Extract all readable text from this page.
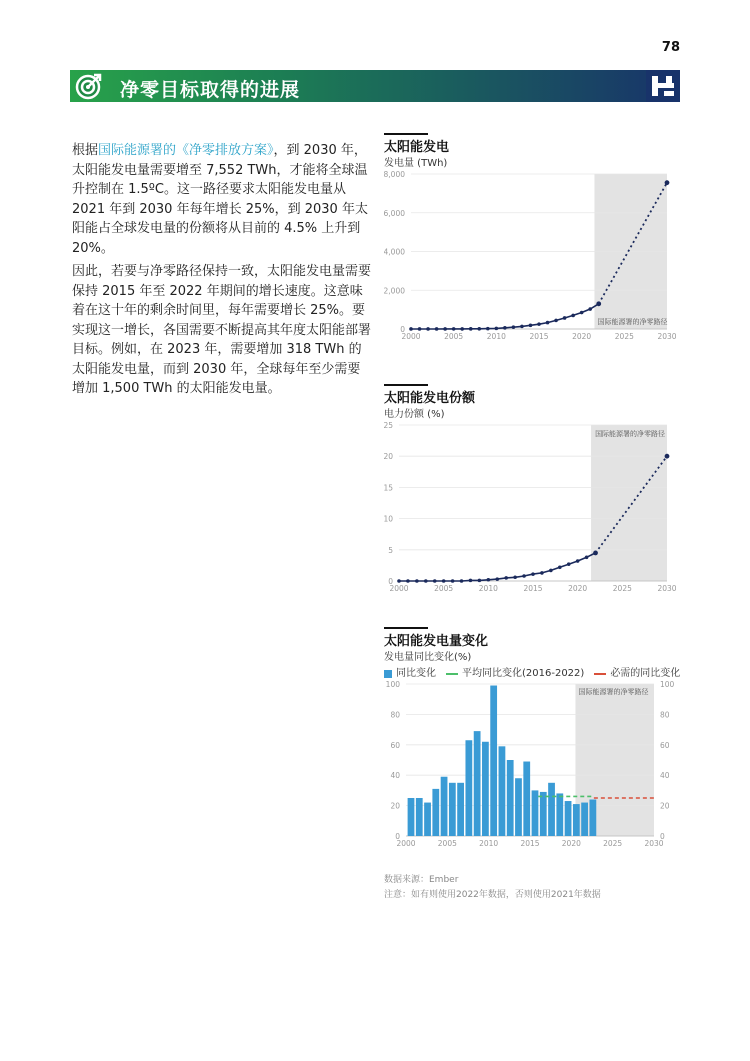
78
净零目标取得的进展
根据国际能源署的《净零排放方案》，到 2030 年，太阳能发电量需要增至 7,552 TWh，才能将全球温升控制在 1.5ºC。这一路径要求太阳能发电量从 2021 年到 2030 年每年增长 25%，到 2030 年太阳能占全球发电量的份额将从目前的 4.5% 上升到 20%。
因此，若要与净零路径保持一致，太阳能发电量需要保持 2015 年至 2022 年期间的增长速度。这意味着在这十年的剩余时间里，每年需要增长 25%。要实现这一增长，各国需要不断提高其年度太阳能部署目标。例如，在 2023 年，需要增加 318 TWh 的太阳能发电量，而到 2030 年，全球每年至少需要增加 1,500 TWh 的太阳能发电量。
太阳能发电
发电量 (TWh)
0
2,000
4,000
6,000
8,000
2000	2005	2010	2015	2020	2025	2030
国际能源署的净零路径
太阳能发电份额
电力份额 (%)
0
5
10
15
20
25
2000	2005	2010	2015	2020	2025	2030
国际能源署的净零路径
太阳能发电量变化
发电量同比变化(%)
同比变化	平均同比变化(2016-2022)	必需的同比变化
0	0
20	20
40	40
60	60
80	80
100	100
2000	2005	2010	2015	2020	2025	2030
国际能源署的净零路径
数据来源：Ember
注意：如有则使用2022年数据，否则使用2021年数据
